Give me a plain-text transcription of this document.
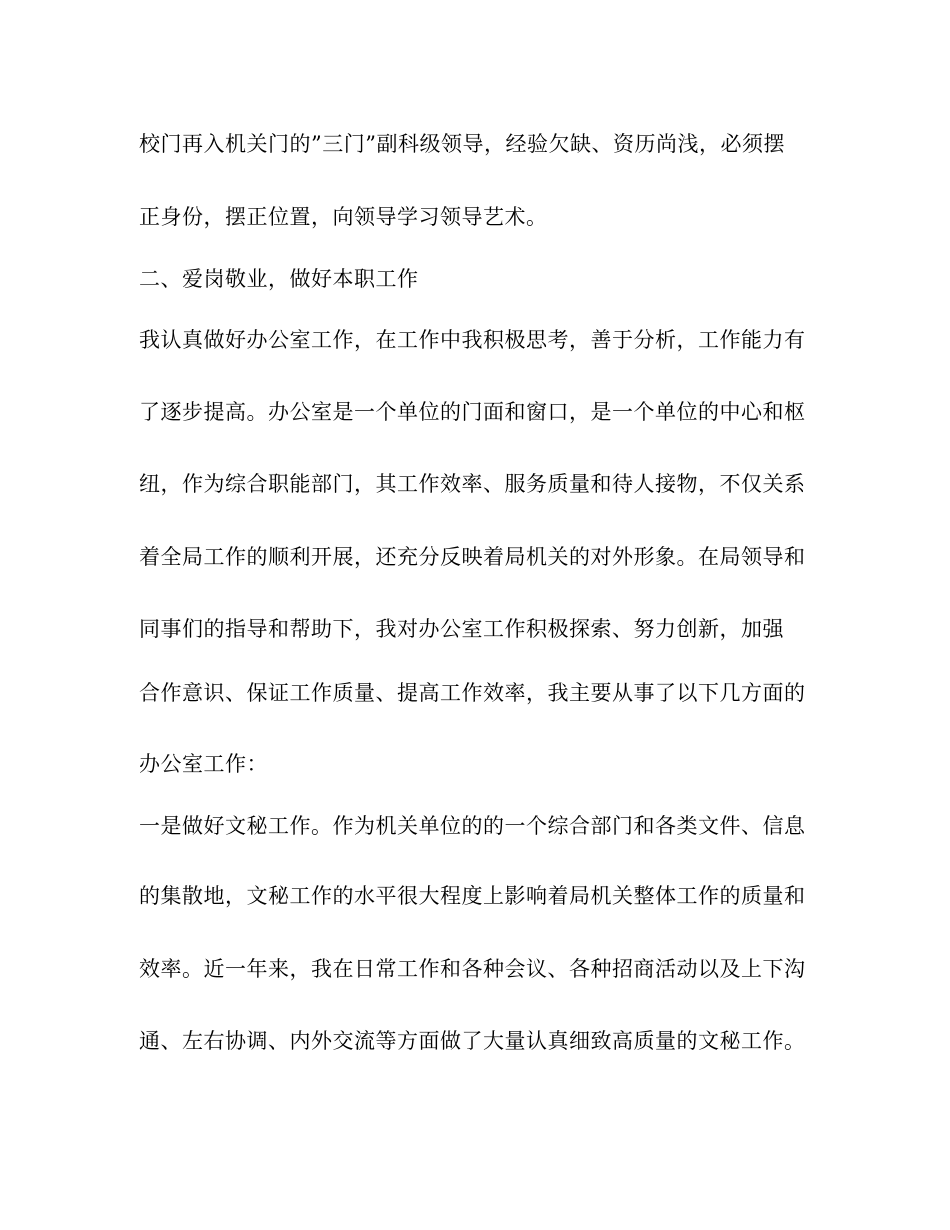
校门再入机关门的”三门”副科级领导，经验欠缺、资历尚浅，必须摆
正身份，摆正位置，向领导学习领导艺术。
二、爱岗敬业，做好本职工作
我认真做好办公室工作，在工作中我积极思考，善于分析，工作能力有
了逐步提高。办公室是一个单位的门面和窗口，是一个单位的中心和枢
纽，作为综合职能部门，其工作效率、服务质量和待人接物，不仅关系
着全局工作的顺利开展，还充分反映着局机关的对外形象。在局领导和
同事们的指导和帮助下，我对办公室工作积极探索、努力创新，加强
合作意识、保证工作质量、提高工作效率，我主要从事了以下几方面的
办公室工作：
一是做好文秘工作。作为机关单位的的一个综合部门和各类文件、信息
的集散地，文秘工作的水平很大程度上影响着局机关整体工作的质量和
效率。近一年来，我在日常工作和各种会议、各种招商活动以及上下沟
通、左右协调、内外交流等方面做了大量认真细致高质量的文秘工作。
